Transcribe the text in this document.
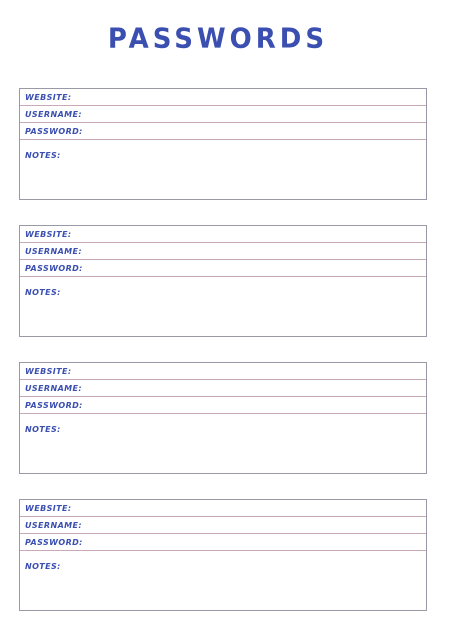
PASSWORDS
WEBSITE:
USERNAME:
PASSWORD:
NOTES:
WEBSITE:
USERNAME:
PASSWORD:
NOTES:
WEBSITE:
USERNAME:
PASSWORD:
NOTES:
WEBSITE:
USERNAME:
PASSWORD:
NOTES:
